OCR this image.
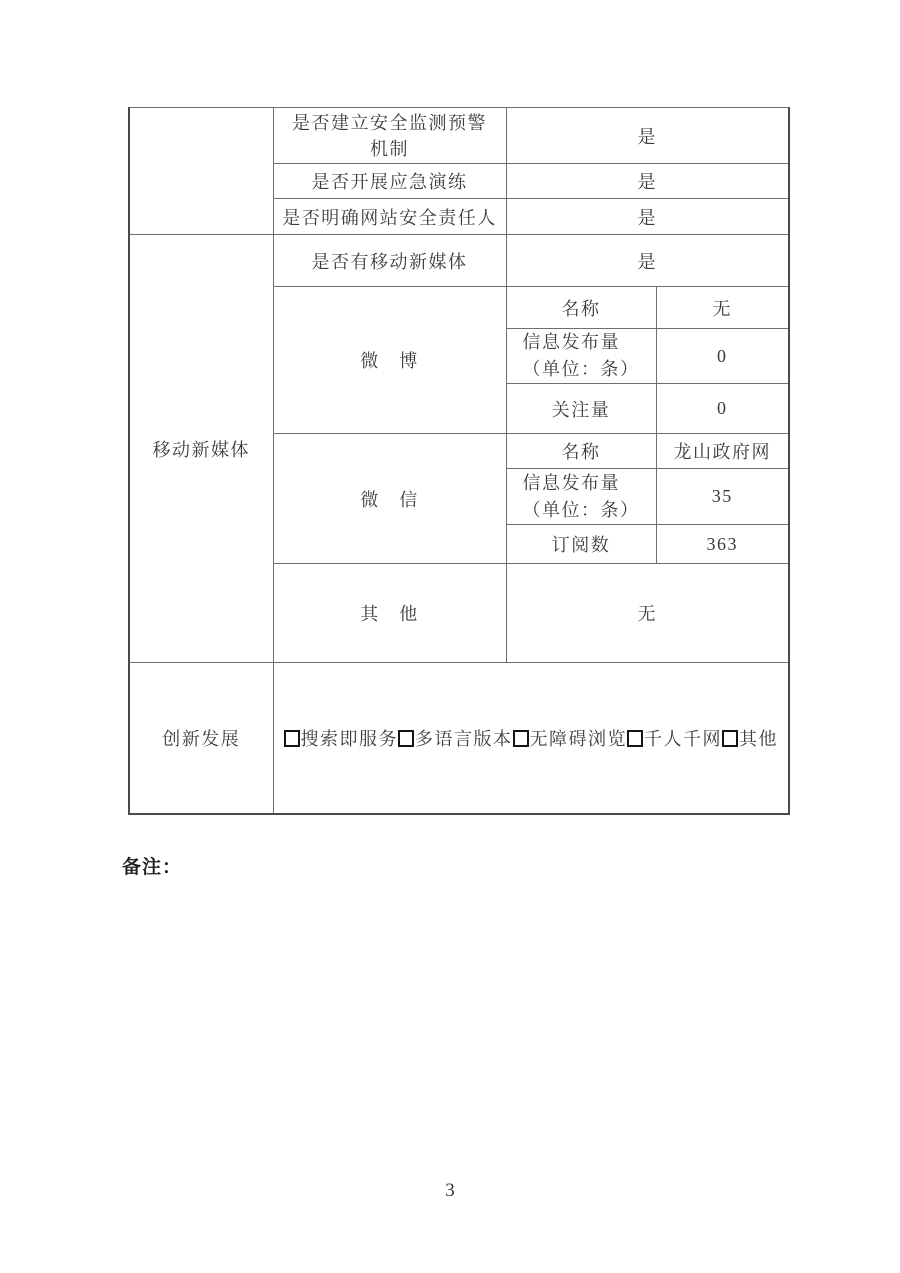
	是否建立安全监测预警
机制	是	
	是否开展应急演练	是	
	是否明确网站安全责任人	是	
移动新媒体	是否有移动新媒体	是	
	微　博	名称	无

		信息发布量
（单位：条）	0
		关注量	0
	微　信	名称	龙山政府网

		信息发布量
（单位：条）	35
		订阅数	363
	其　他	无	
创新发展	搜索即服务 多语言版本 无障碍浏览 千人千网 其他		
备注：
3
